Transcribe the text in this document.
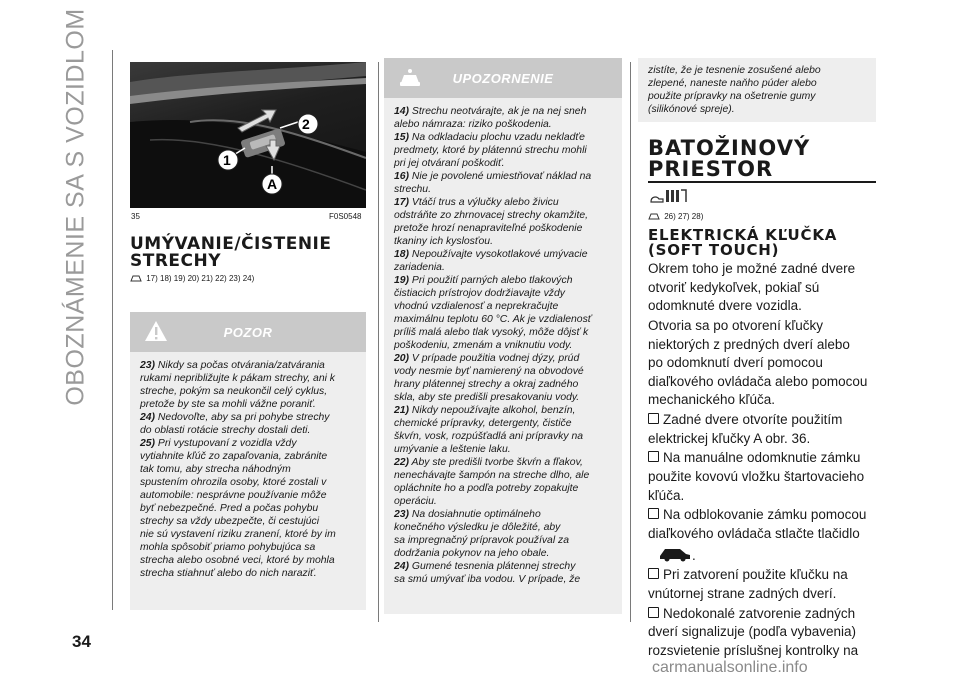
OBOZNÁMENIE SA S VOZIDLOM	2
1
A
35	F0S0548
UMÝVANIE/ČISTENIE
STRECHY
17) 18) 19) 20) 21) 22) 23) 24)
POZOR
23) Nikdy sa počas otvárania/zatvárania
rukami nepribližujte k pákam strechy, ani k
streche, pokým sa neukončil celý cyklus,
pretože by ste sa mohli vážne poraniť.
24) Nedovoľte, aby sa pri pohybe strechy
do oblasti rotácie strechy dostali deti.
25) Pri vystupovaní z vozidla vždy
vytiahnite kľúč zo zapaľovania, zabránite
tak tomu, aby strecha náhodným
spustením ohrozila osoby, ktoré zostali v
automobile: nesprávne používanie môže
byť nebezpečné. Pred a počas pohybu
strechy sa vždy ubezpečte, či cestujúci
nie sú vystavení riziku zranení, ktoré by im
mohla spôsobiť priamo pohybujúca sa
strecha alebo osobné veci, ktoré by mohla
strecha stiahnuť alebo do nich naraziť.
34
UPOZORNENIE
14) Strechu neotvárajte, ak je na nej sneh
alebo námraza: riziko poškodenia.
15) Na odkladaciu plochu vzadu nekladťe
predmety, ktoré by plátennú strechu mohli
pri jej otváraní poškodiť.
16) Nie je povolené umiestňovať náklad na
strechu.
17) Vtáčí trus a výlučky alebo živicu
odstráňte zo zhrnovacej strechy okamžite,
pretože hrozí nenapraviteľné poškodenie
tkaniny ich kyslosťou.
18) Nepoužívajte vysokotlakové umývacie
zariadenia.
19) Pri použití parných alebo tlakových
čistiacich prístrojov dodržiavajte vždy
vhodnú vzdialenosť a neprekračujte
maximálnu teplotu 60 °C. Ak je vzdialenosť
príliš malá alebo tlak vysoký, môže dôjsť k
poškodeniu, zmenám a vniknutiu vody.
20) V prípade použitia vodnej dýzy, prúd
vody nesmie byť namierený na obvodové
hrany plátennej strechy a okraj zadného
skla, aby ste predišli presakovaniu vody.
21) Nikdy nepoužívajte alkohol, benzín,
chemické prípravky, detergenty, čističe
škvŕn, vosk, rozpúšťadlá ani prípravky na
umývanie a leštenie laku.
22) Aby ste predišli tvorbe škvŕn a fľakov,
nenechávajte šampón na streche dlho, ale
opláchnite ho a podľa potreby zopakujte
operáciu.
23) Na dosiahnutie optimálneho
konečného výsledku je dôležité, aby
sa impregnačný prípravok používal za
dodržania pokynov na jeho obale.
24) Gumené tesnenia plátennej strechy
sa smú umývať iba vodou. V prípade, že
zistíte, že je tesnenie zosušené alebo
zlepené, naneste naňho púder alebo
použite prípravky na ošetrenie gumy
(silikónové spreje).
BATOŽINOVÝ
PRIESTOR
26) 27) 28)
ELEKTRICKÁ KĽUČKA
(SOFT TOUCH)

Okrem toho je možné zadné dvere
otvoriť kedykoľvek, pokiaľ sú
odomknuté dvere vozidla.

Otvoria sa po otvorení kľučky
niektorých z predných dverí alebo
po odomknutí dverí pomocou
diaľkového ovládača alebo pomocou
mechanického kľúča.

Zadné dvere otvoríte použitím
elektrickej kľučky A obr. 36.

Na manuálne odomknutie zámku
použite kovovú vložku štartovacieho
kľúča.

Na odblokovanie zámku pomocou
diaľkového ovládača stlačte tlačidlo

.

Pri zatvorení použite kľučku na
vnútornej strane zadných dverí.

Nedokonalé zatvorenie zadných
dverí signalizuje (podľa vybavenia)
rozsvietenie príslušnej kontrolky na

carmanualsonline.info
